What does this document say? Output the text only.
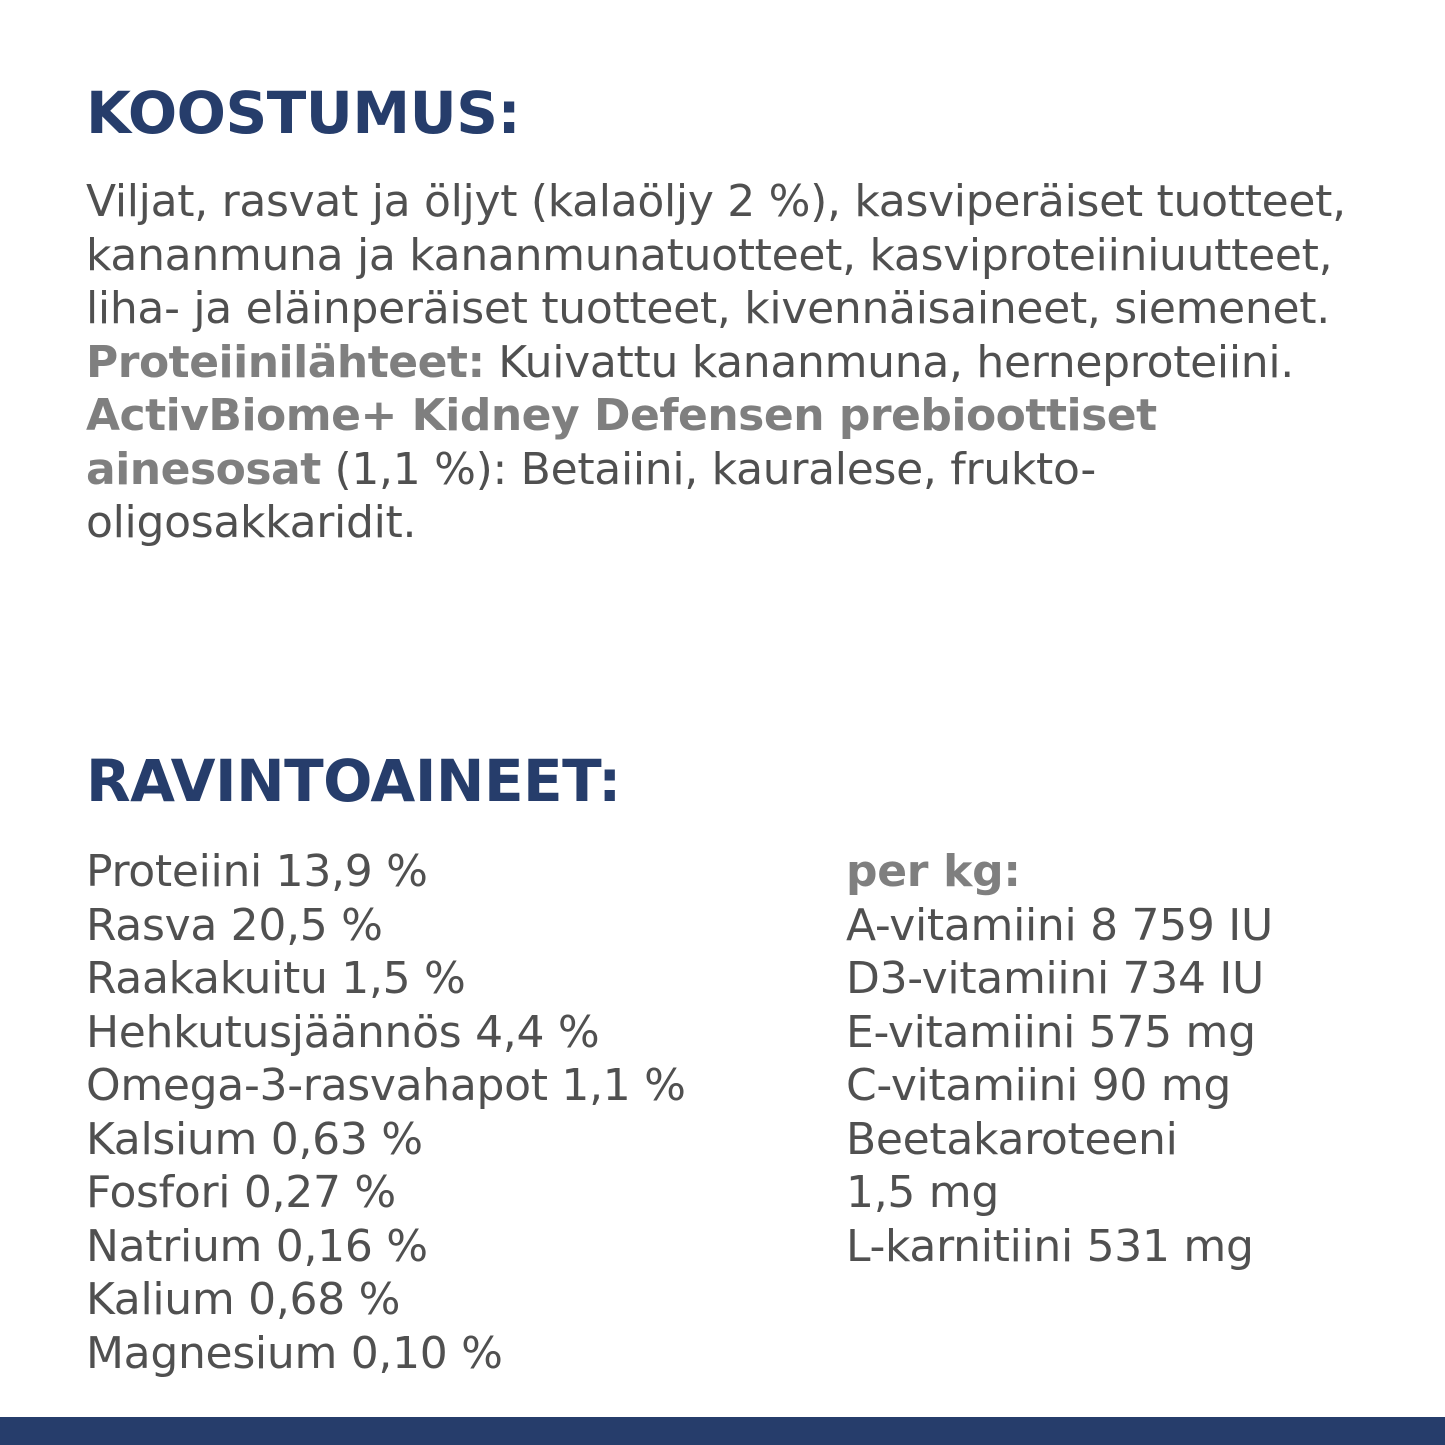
KOOSTUMUS:

Viljat, rasvat ja öljyt (kalaöljy 2 %), kasviperäiset tuotteet, kananmuna ja kananmunatuotteet, kasviproteiiniuutteet, liha- ja eläinperäiset tuotteet, kivennäisaineet, siemenet.

Proteiinilähteet: Kuivattu kananmuna, herneproteiini.

ActivBiome+ Kidney Defensen prebioottiset ainesosat (1,1 %): Betaiini, kauralese, frukto-oligosakkaridit.

RAVINTOAINEET:
Proteiini 13,9 %
Rasva 20,5 %
Raakakuitu 1,5 %
Hehkutusjäännös 4,4 %
Omega-3-rasvahapot 1,1 %
Kalsium 0,63 %
Fosfori 0,27 %
Natrium 0,16 %
Kalium 0,68 %
Magnesium 0,10 %
per kg:
A-vitamiini 8 759 IU
D3-vitamiini 734 IU
E-vitamiini 575 mg
C-vitamiini 90 mg
Beetakaroteeni
1,5 mg
L-karnitiini 531 mg
